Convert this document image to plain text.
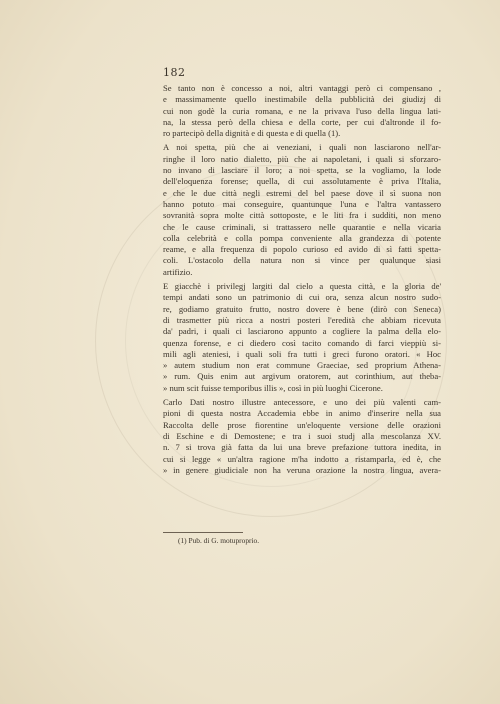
182
Se tanto non è concesso a noi, altri vantaggi però ci compensano ,
e massimamente quello inestimabile della pubblicità dei giudizj di
cui non godè la curia romana, e ne la privava l'uso della lingua lati-
na, la stessa però della chiesa e della corte, per cui d'altronde il fo-
ro partecipò della dignità e di questa e di quella (1).
A noi spetta, più che ai veneziani, i quali non lasciarono nell'ar-
ringhe il loro natio dialetto, più che ai napoletani, i quali si sforzaro-
no invano di lasciare il loro; a noi spetta, se la vogliamo, la lode
dell'eloquenza forense; quella, di cui assolutamente è priva l'Italia,
e che le due città negli estremi del bel paese dove il sì suona non
hanno potuto mai conseguire, quantunque l'una e l'altra vantassero
sovranità sopra molte città sottoposte, e le liti fra i sudditi, non meno
che le cause criminali, si trattassero nelle quarantie e nella vicaria
colla celebrità e colla pompa conveniente alla grandezza di potente
reame, e alla frequenza di popolo curioso ed avido di sì fatti spetta-
coli. L'ostacolo della natura non si vince per qualunque siasi
artifizio.
E giacchè i privilegj largiti dal cielo a questa città, e la gloria de'
tempi andati sono un patrimonio di cui ora, senza alcun nostro sudo-
re, godiamo gratuito frutto, nostro dovere è bene (dirò con Seneca)
di trasmetter più ricca a nostri posteri l'eredità che abbiam ricevuta
da' padri, i quali ci lasciarono appunto a cogliere la palma della elo-
quenza forense, e ci diedero così tacito comando di farci vieppiù si-
mili agli ateniesi, i quali soli fra tutti i greci furono oratori. « Hoc
» autem studium non erat commune Graeciae, sed proprium Athena-
» rum. Quis enim aut argivum oratorem, aut corinthium, aut theba-
» num scit fuisse temporibus illis », così in più luoghi Cicerone.
Carlo Dati nostro illustre antecessore, e uno dei più valenti cam-
pioni di questa nostra Accademia ebbe in animo d'inserire nella sua
Raccolta delle prose fiorentine un'eloquente versione delle orazioni
di Eschine e di Demostene; e tra i suoi studj alla mescolanza XV.
n. 7 si trova già fatta da lui una breve prefazione tuttora inedita, in
cui si legge « un'altra ragione m'ha indotto a ristamparla, ed è, che
» in genere giudiciale non ha veruna orazione la nostra lingua, avera-
(1) Pub. di G. motuproprio.
